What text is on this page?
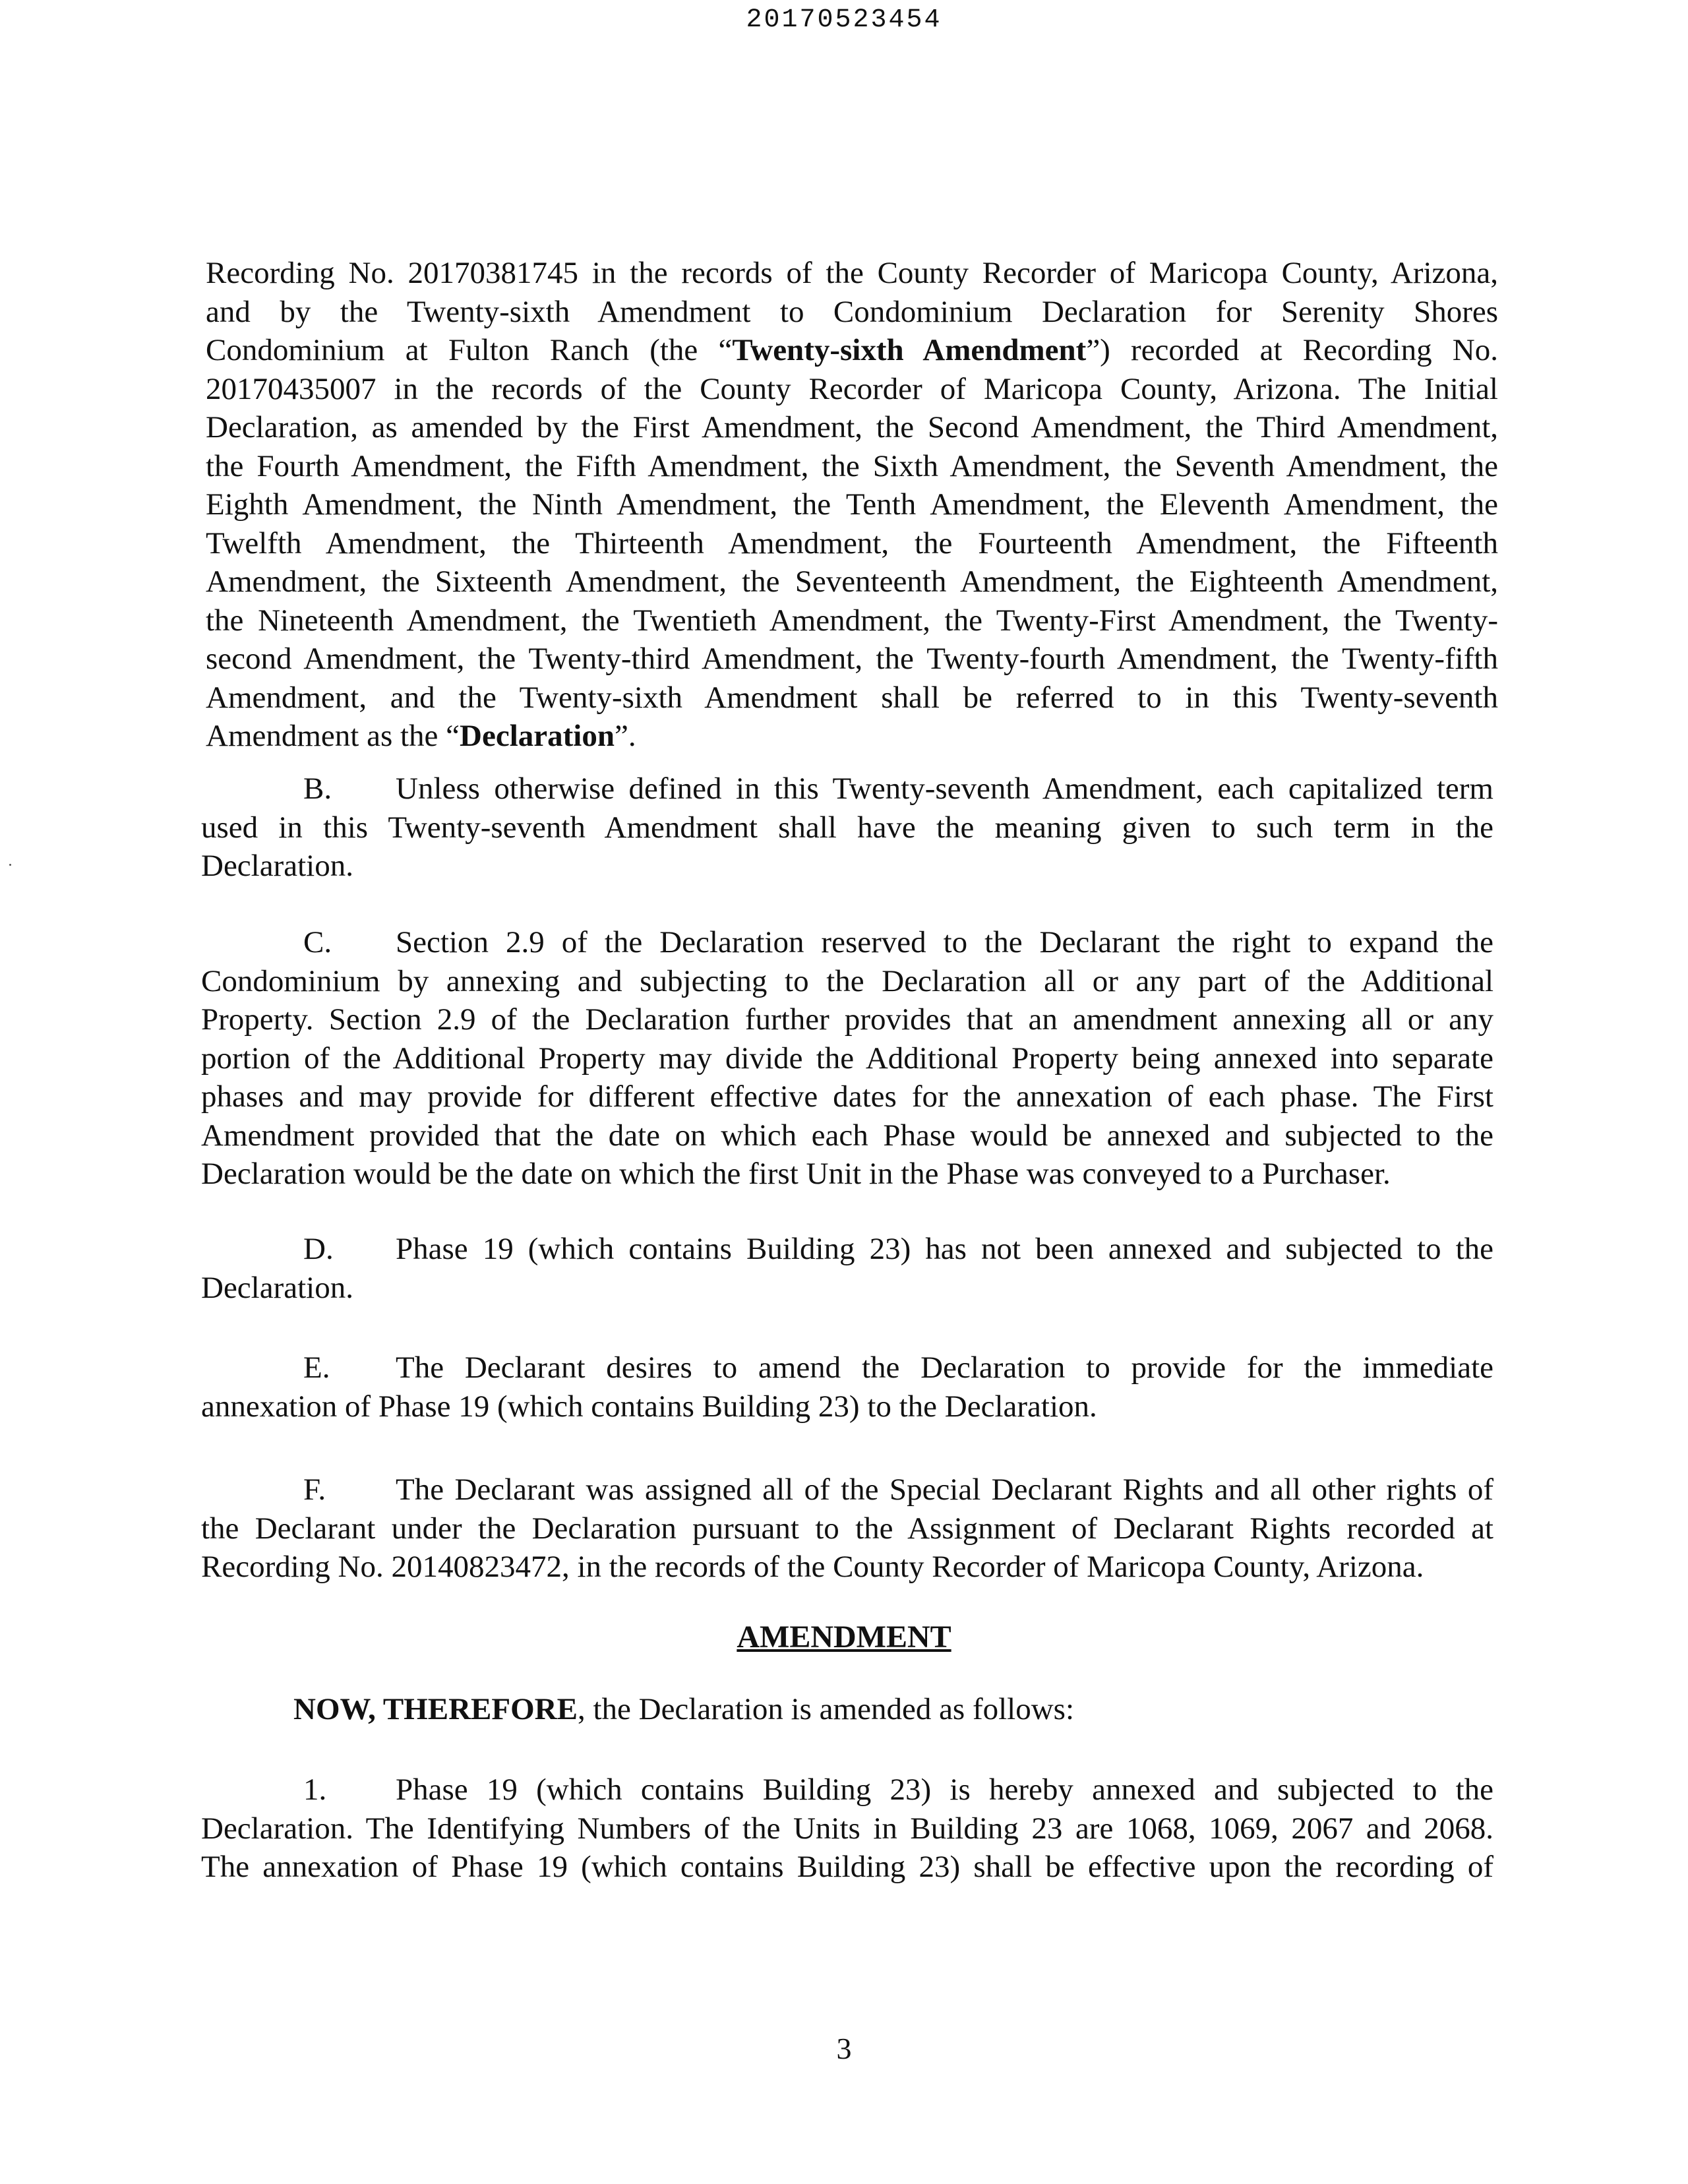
20170523454
Recording No. 20170381745 in the records of the County Recorder of Maricopa County, Arizona,
and by the Twenty-sixth Amendment to Condominium Declaration for Serenity Shores
Condominium at Fulton Ranch (the “Twenty-sixth Amendment”) recorded at Recording No.
20170435007 in the records of the County Recorder of Maricopa County, Arizona. The Initial
Declaration, as amended by the First Amendment, the Second Amendment, the Third Amendment,
the Fourth Amendment, the Fifth Amendment, the Sixth Amendment, the Seventh Amendment, the
Eighth Amendment, the Ninth Amendment, the Tenth Amendment, the Eleventh Amendment, the
Twelfth Amendment, the Thirteenth Amendment, the Fourteenth Amendment, the Fifteenth
Amendment, the Sixteenth Amendment, the Seventeenth Amendment, the Eighteenth Amendment,
the Nineteenth Amendment, the Twentieth Amendment, the Twenty-First Amendment, the Twenty-
second Amendment, the Twenty-third Amendment, the Twenty-fourth Amendment, the Twenty-fifth
Amendment, and the Twenty-sixth Amendment shall be referred to in this Twenty-seventh
Amendment as the “Declaration”.
B. Unless otherwise defined in this Twenty-seventh Amendment, each capitalized term
used in this Twenty-seventh Amendment shall have the meaning given to such term in the
Declaration.
C. Section 2.9 of the Declaration reserved to the Declarant the right to expand the
Condominium by annexing and subjecting to the Declaration all or any part of the Additional
Property. Section 2.9 of the Declaration further provides that an amendment annexing all or any
portion of the Additional Property may divide the Additional Property being annexed into separate
phases and may provide for different effective dates for the annexation of each phase. The First
Amendment provided that the date on which each Phase would be annexed and subjected to the
Declaration would be the date on which the first Unit in the Phase was conveyed to a Purchaser.
D. Phase 19 (which contains Building 23) has not been annexed and subjected to the
Declaration.
E. The Declarant desires to amend the Declaration to provide for the immediate
annexation of Phase 19 (which contains Building 23) to the Declaration.
F. The Declarant was assigned all of the Special Declarant Rights and all other rights of
the Declarant under the Declaration pursuant to the Assignment of Declarant Rights recorded at
Recording No. 20140823472, in the records of the County Recorder of Maricopa County, Arizona.
AMENDMENT
NOW, THEREFORE, the Declaration is amended as follows:
1. Phase 19 (which contains Building 23) is hereby annexed and subjected to the
Declaration. The Identifying Numbers of the Units in Building 23 are 1068, 1069, 2067 and 2068.
The annexation of Phase 19 (which contains Building 23) shall be effective upon the recording of
3
